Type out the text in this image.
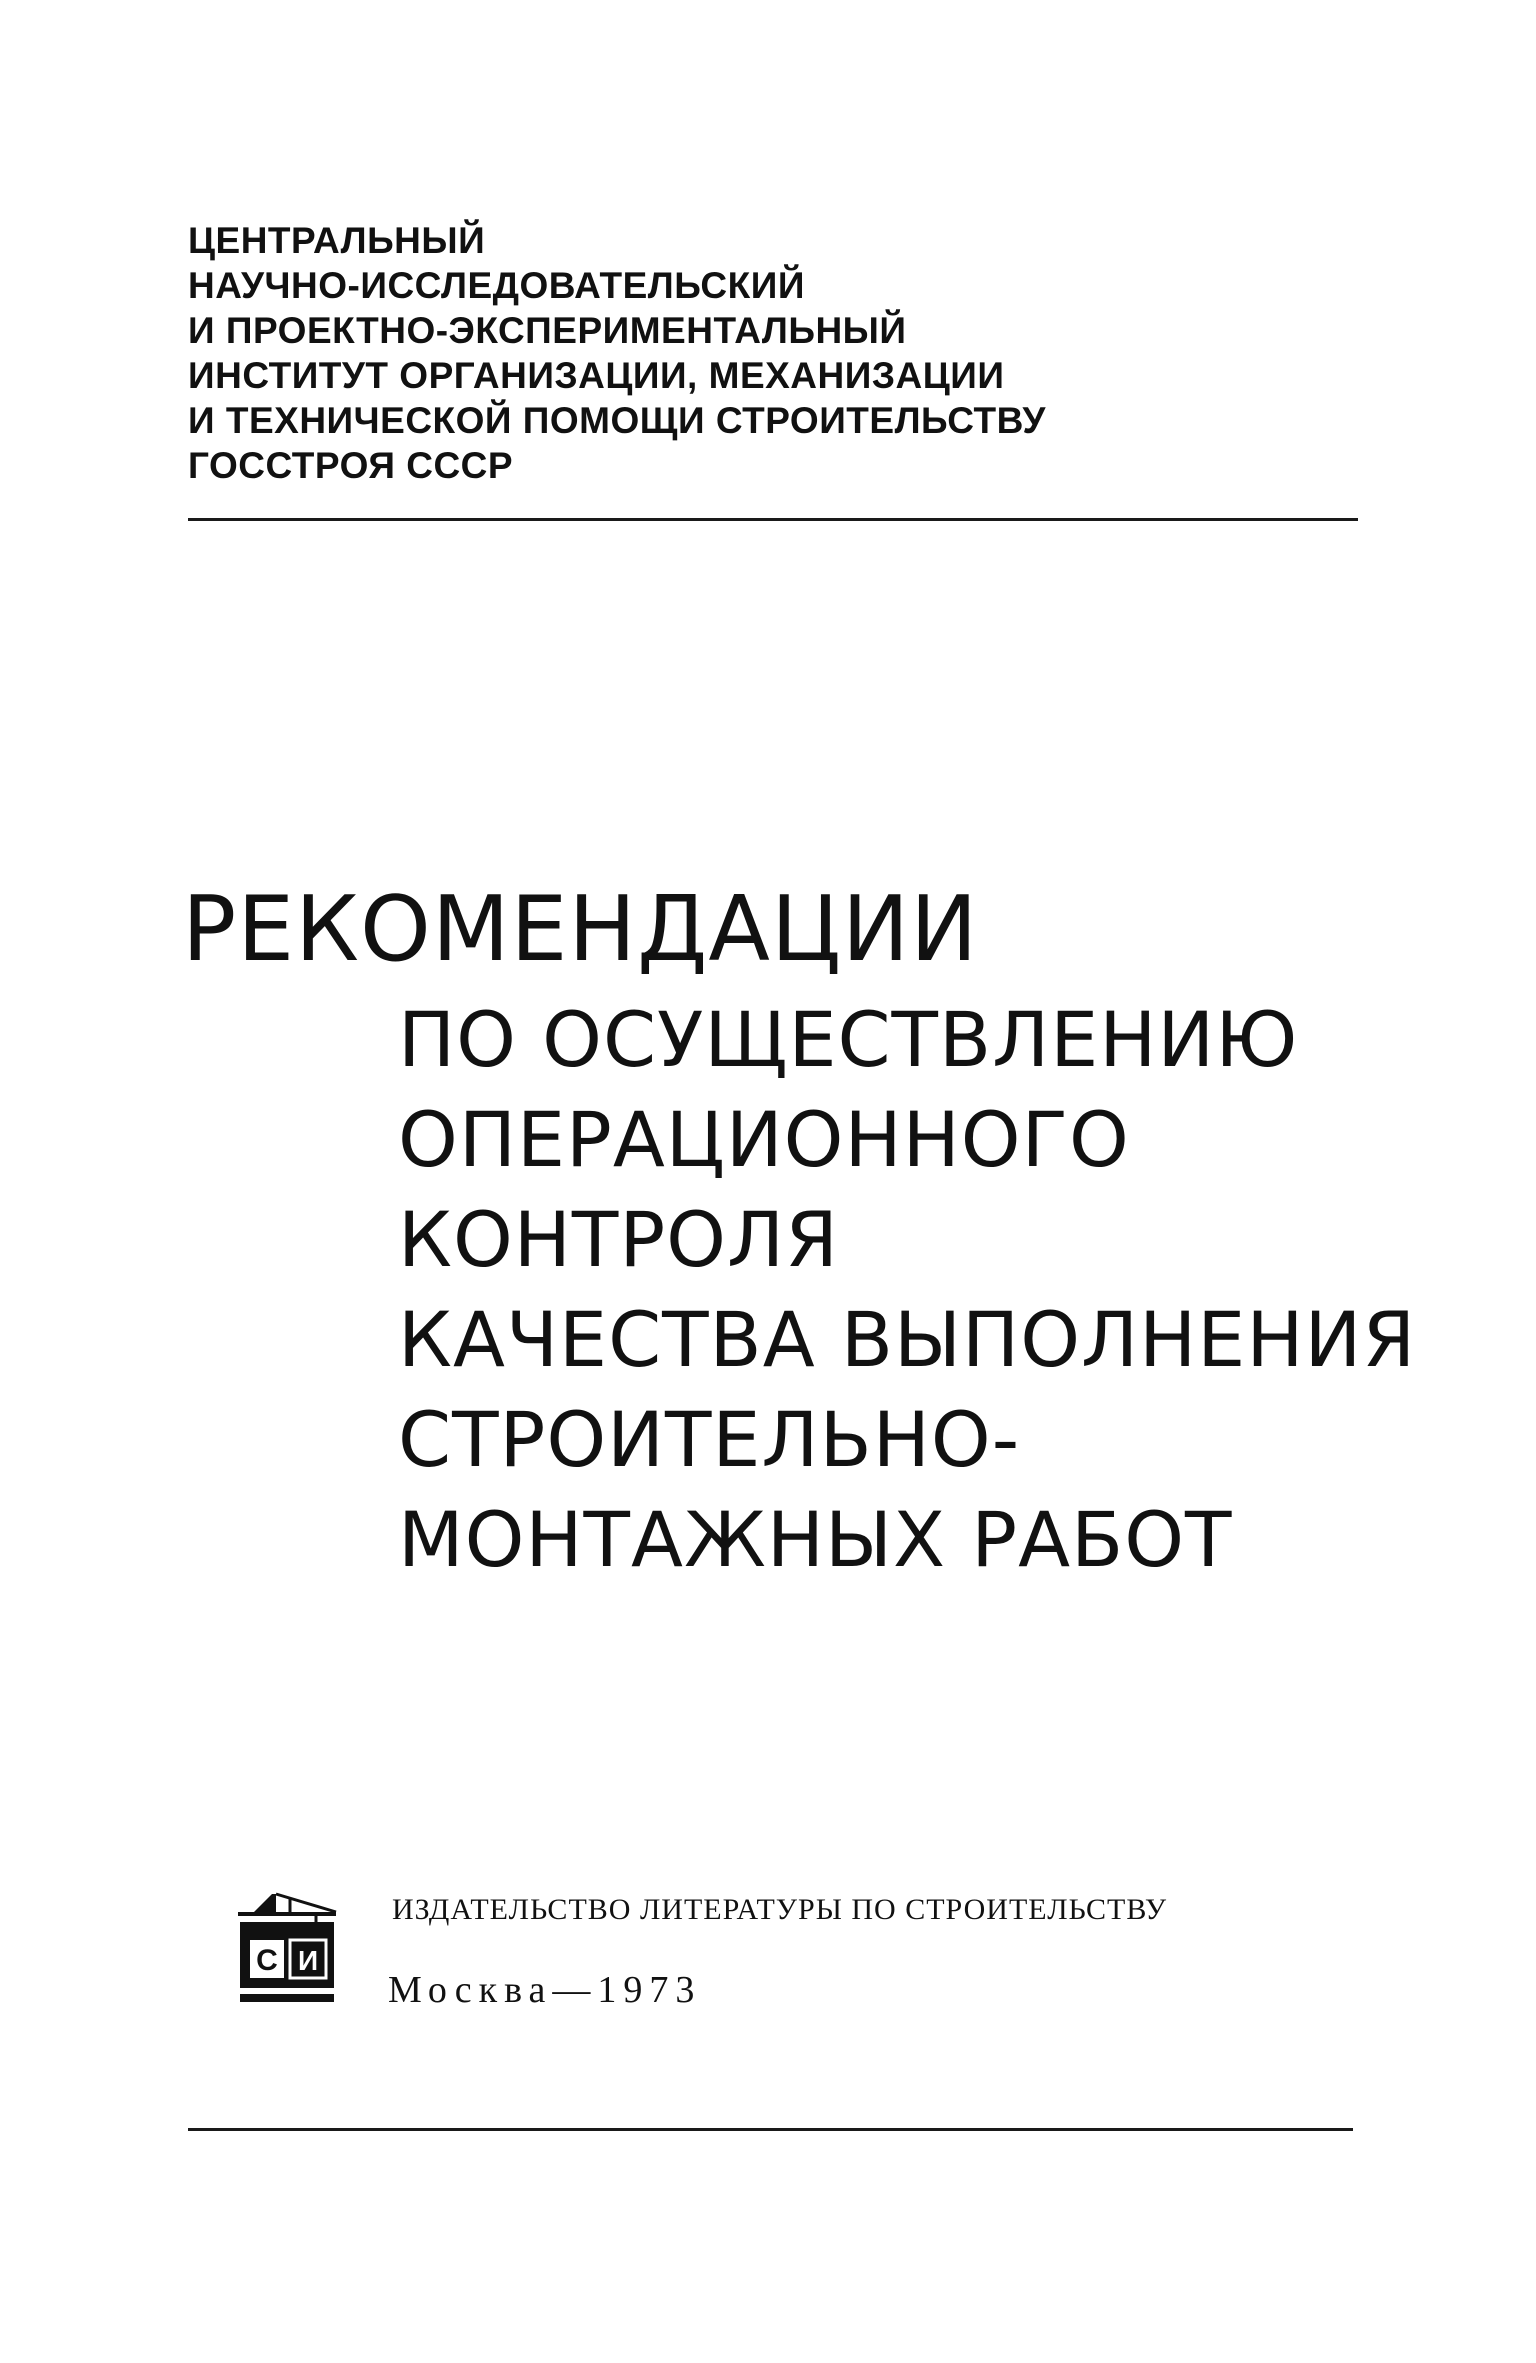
ЦЕНТРАЛЬНЫЙ
НАУЧНО-ИССЛЕДОВАТЕЛЬСКИЙ
И ПРОЕКТНО-ЭКСПЕРИМЕНТАЛЬНЫЙ
ИНСТИТУТ ОРГАНИЗАЦИИ, МЕХАНИЗАЦИИ
И ТЕХНИЧЕСКОЙ ПОМОЩИ СТРОИТЕЛЬСТВУ
ГОССТРОЯ СССР
РЕКОМЕНДАЦИИ
ПО ОСУЩЕСТВЛЕНИЮ
ОПЕРАЦИОННОГО
КОНТРОЛЯ
КАЧЕСТВА ВЫПОЛНЕНИЯ
СТРОИТЕЛЬНО-
МОНТАЖНЫХ РАБОТ
С И
ИЗДАТЕЛЬСТВО ЛИТЕРАТУРЫ ПО СТРОИТЕЛЬСТВУ
Москва—1973
